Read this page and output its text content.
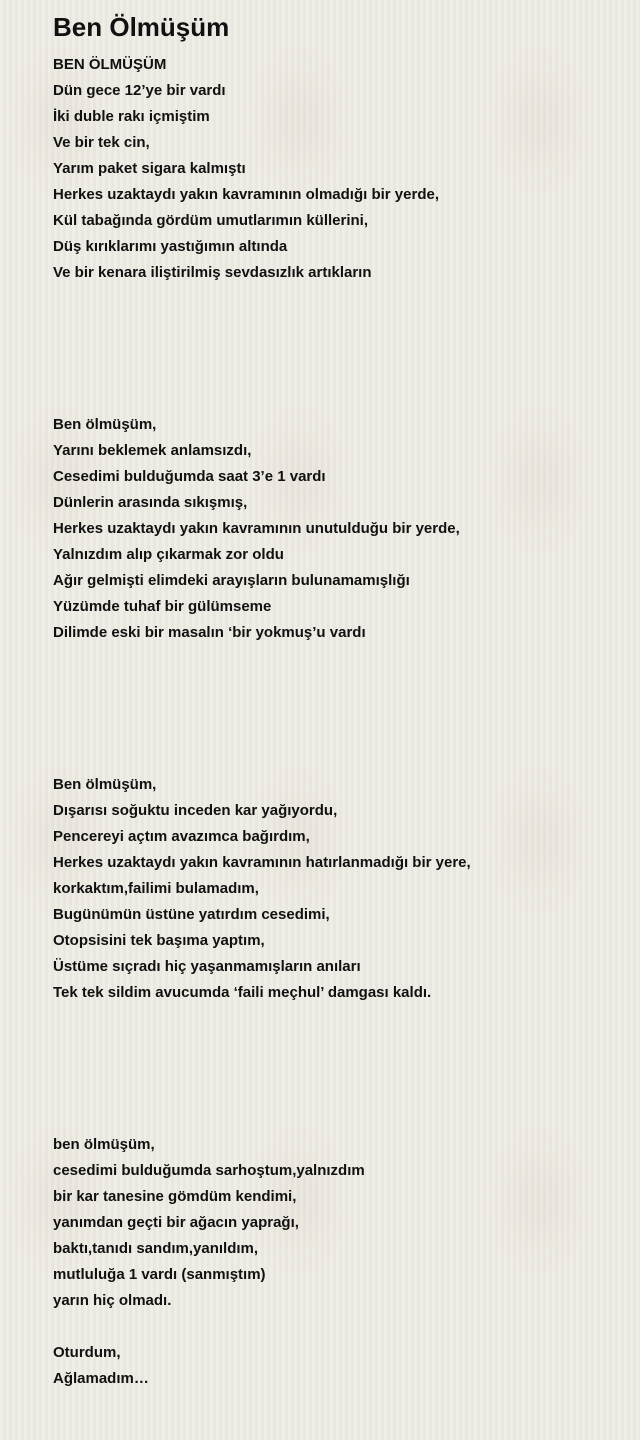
Ben Ölmüşüm
BEN ÖLMÜŞÜM
Dün gece 12’ye bir vardı
İki duble rakı içmiştim
Ve bir tek cin,
Yarım paket sigara kalmıştı
Herkes uzaktaydı yakın kavramının olmadığı bir yerde,
Kül tabağında gördüm umutlarımın küllerini,
Düş kırıklarımı yastığımın altında
Ve bir kenara iliştirilmiş sevdasızlık artıkların
Ben ölmüşüm,
Yarını beklemek anlamsızdı,
Cesedimi bulduğumda saat 3’e 1 vardı
Dünlerin arasında sıkışmış,
Herkes uzaktaydı yakın kavramının unutulduğu bir yerde,
Yalnızdım alıp çıkarmak zor oldu
Ağır gelmişti elimdeki arayışların bulunamamışlığı
Yüzümde tuhaf bir gülümseme
Dilimde eski bir masalın ‘bir yokmuş’u vardı
Ben ölmüşüm,
Dışarısı soğuktu inceden kar yağıyordu,
Pencereyi açtım avazımca bağırdım,
Herkes uzaktaydı yakın kavramının hatırlanmadığı bir yere,
korkaktım,failimi bulamadım,
Bugünümün üstüne yatırdım cesedimi,
Otopsisini tek başıma yaptım,
Üstüme sıçradı hiç yaşanmamışların anıları
Tek tek sildim avucumda ‘faili meçhul’ damgası kaldı.
ben ölmüşüm,
cesedimi bulduğumda sarhoştum,yalnızdım
bir kar tanesine gömdüm kendimi,
yanımdan geçti bir ağacın yaprağı,
baktı,tanıdı sandım,yanıldım,
mutluluğa 1 vardı (sanmıştım)
yarın hiç olmadı.
Oturdum,
Ağlamadım…
